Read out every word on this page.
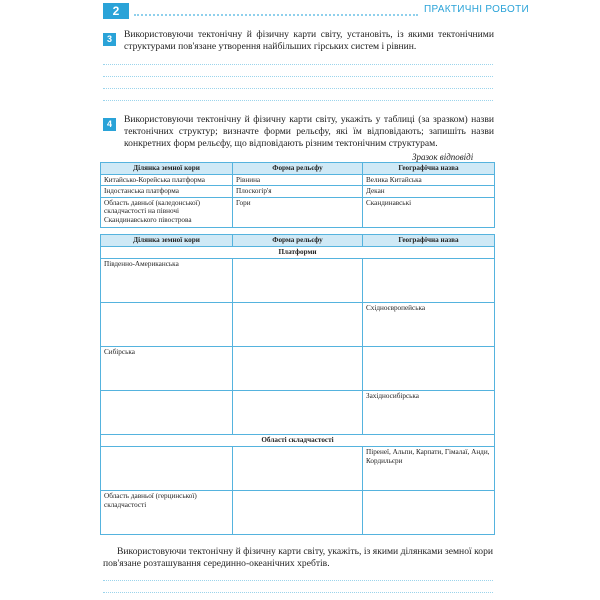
2	ПРАКТИЧНІ РОБОТИ
3	Використовуючи тектонічну й фізичну карти світу, установіть, із якими тектонічними структурами пов'язане утворення найбільших гірських систем і рівнин.
4	Використовуючи тектонічну й фізичну карти світу, укажіть у таблиці (за зразком) назви тектонічних структур; визначте форми рельєфу, які їм відповідають; запишіть назви конкретних форм рельєфу, що відповідають різним тектонічним структурам.
Зразок відповіді
Ділянка земної кори	Форма рельєфу	Географічна назва
Китайсько-Корейська платформа	Рівнина	Велика Китайська
Індостанська платформа	Плоскогір'я	Декан
Область давньої (каледонської) складчастості на півночі Скандинавського півострова	Гори	Скандинавські
Ділянка земної кори	Форма рельєфу	Географічна назва
Платформи		
Південно-Американська		
		Східноєвропейська
Сибірська		
		Західносибірська
Області складчастості		
		Піренеї, Альпи, Карпати, Гімалаї, Анди, Кордильєри
Область давньої (герцинської) складчастості		
Використовуючи тектонічну й фізичну карти світу, укажіть, із якими ділянками земної кори пов'язане розташування серединно-океанічних хребтів.
